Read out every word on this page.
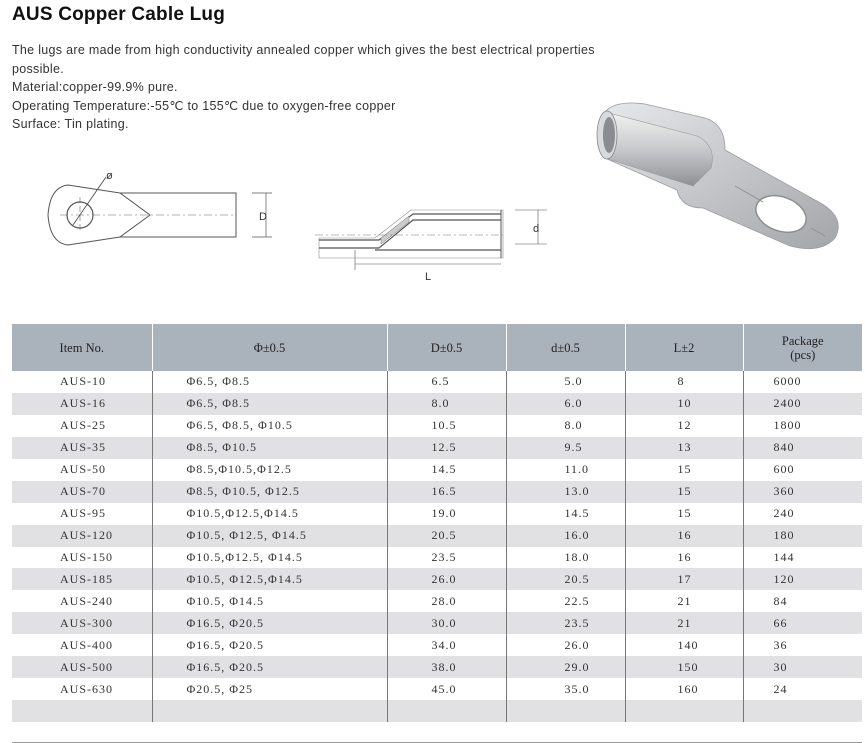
AUS Copper Cable Lug

The lugs are made from high conductivity annealed copper which gives the best electrical properties possible.

Material:copper-99.9% pure.

Operating Temperature:-55℃ to 155℃ due to oxygen-free copper

Surface: Tin plating.

ø
D
d
L
Item No.	Φ±0.5	D±0.5	d±0.5	L±2	Package (pcs)
AUS-10	Φ6.5, Φ8.5	6.5	5.0	8	6000
AUS-16	Φ6.5, Φ8.5	8.0	6.0	10	2400
AUS-25	Φ6.5, Φ8.5, Φ10.5	10.5	8.0	12	1800
AUS-35	Φ8.5, Φ10.5	12.5	9.5	13	840
AUS-50	Φ8.5,Φ10.5,Φ12.5	14.5	11.0	15	600
AUS-70	Φ8.5, Φ10.5, Φ12.5	16.5	13.0	15	360
AUS-95	Φ10.5,Φ12.5,Φ14.5	19.0	14.5	15	240
AUS-120	Φ10.5, Φ12.5, Φ14.5	20.5	16.0	16	180
AUS-150	Φ10.5,Φ12.5, Φ14.5	23.5	18.0	16	144
AUS-185	Φ10.5, Φ12.5,Φ14.5	26.0	20.5	17	120
AUS-240	Φ10.5, Φ14.5	28.0	22.5	21	84
AUS-300	Φ16.5, Φ20.5	30.0	23.5	21	66
AUS-400	Φ16.5, Φ20.5	34.0	26.0	140	36
AUS-500	Φ16.5, Φ20.5	38.0	29.0	150	30
AUS-630	Φ20.5, Φ25	45.0	35.0	160	24
